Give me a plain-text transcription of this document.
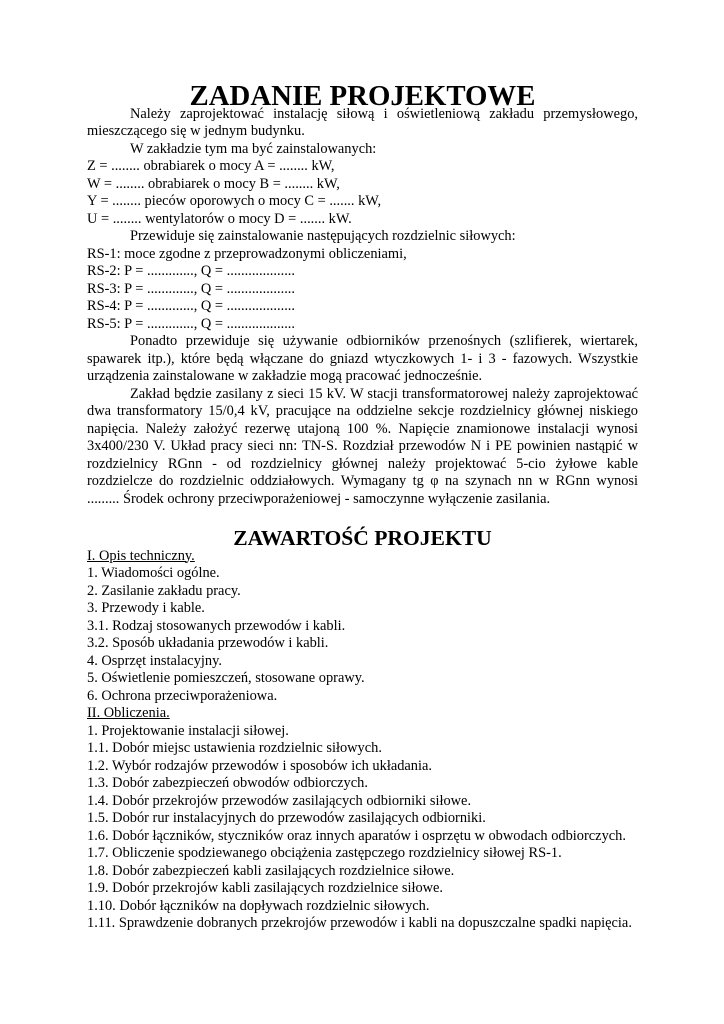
ZADANIE PROJEKTOWE

Należy zaprojektować instalację siłową i oświetleniową zakładu przemysłowego, mieszczącego się w jednym budynku.

W zakładzie tym ma być zainstalowanych:

Z = ........ obrabiarek o mocy A = ........ kW,

W = ........ obrabiarek o mocy B = ........ kW,

Y = ........ pieców oporowych o mocy C = ....... kW,

U = ........ wentylatorów o mocy D = ....... kW.

Przewiduje się zainstalowanie następujących rozdzielnic siłowych:

RS-1: moce zgodne z przeprowadzonymi obliczeniami,

RS-2: P = ............., Q = ...................

RS-3: P = ............., Q = ...................

RS-4: P = ............., Q = ...................

RS-5: P = ............., Q = ...................

Ponadto przewiduje się używanie odbiorników przenośnych (szlifierek, wiertarek, spawarek itp.), które będą włączane do gniazd wtyczkowych 1- i 3 - fazowych. Wszystkie urządzenia zainstalowane w zakładzie mogą pracować jednocześnie.

Zakład będzie zasilany z sieci 15 kV. W stacji transformatorowej należy zaprojektować dwa transformatory 15/0,4 kV, pracujące na oddzielne sekcje rozdzielnicy głównej niskiego napięcia. Należy założyć rezerwę utajoną 100 %. Napięcie znamionowe instalacji wynosi 3x400/230 V. Układ pracy sieci nn: TN-S. Rozdział przewodów N i PE powinien nastąpić w rozdzielnicy RGnn - od rozdzielnicy głównej należy projektować 5-cio żyłowe kable rozdzielcze do rozdzielnic oddziałowych. Wymagany tg φ na szynach nn w RGnn wynosi ......... Środek ochrony przeciwporażeniowej - samoczynne wyłączenie zasilania.

ZAWARTOŚĆ PROJEKTU

I. Opis techniczny.

1. Wiadomości ogólne.

2. Zasilanie zakładu pracy.

3. Przewody i kable.

3.1. Rodzaj stosowanych przewodów i kabli.

3.2. Sposób układania przewodów i kabli.

4. Osprzęt instalacyjny.

5. Oświetlenie pomieszczeń, stosowane oprawy.

6. Ochrona przeciwporażeniowa.

II. Obliczenia.

1. Projektowanie instalacji siłowej.

1.1. Dobór miejsc ustawienia rozdzielnic siłowych.

1.2. Wybór rodzajów przewodów i sposobów ich układania.

1.3. Dobór zabezpieczeń obwodów odbiorczych.

1.4. Dobór przekrojów przewodów zasilających odbiorniki siłowe.

1.5. Dobór rur instalacyjnych do przewodów zasilających odbiorniki.

1.6. Dobór łączników, styczników oraz innych aparatów i osprzętu w obwodach odbiorczych.

1.7. Obliczenie spodziewanego obciążenia zastępczego rozdzielnicy siłowej RS-1.

1.8. Dobór zabezpieczeń kabli zasilających rozdzielnice siłowe.

1.9. Dobór przekrojów kabli zasilających rozdzielnice siłowe.

1.10. Dobór łączników na dopływach rozdzielnic siłowych.

1.11. Sprawdzenie dobranych przekrojów przewodów i kabli na dopuszczalne spadki napięcia.
